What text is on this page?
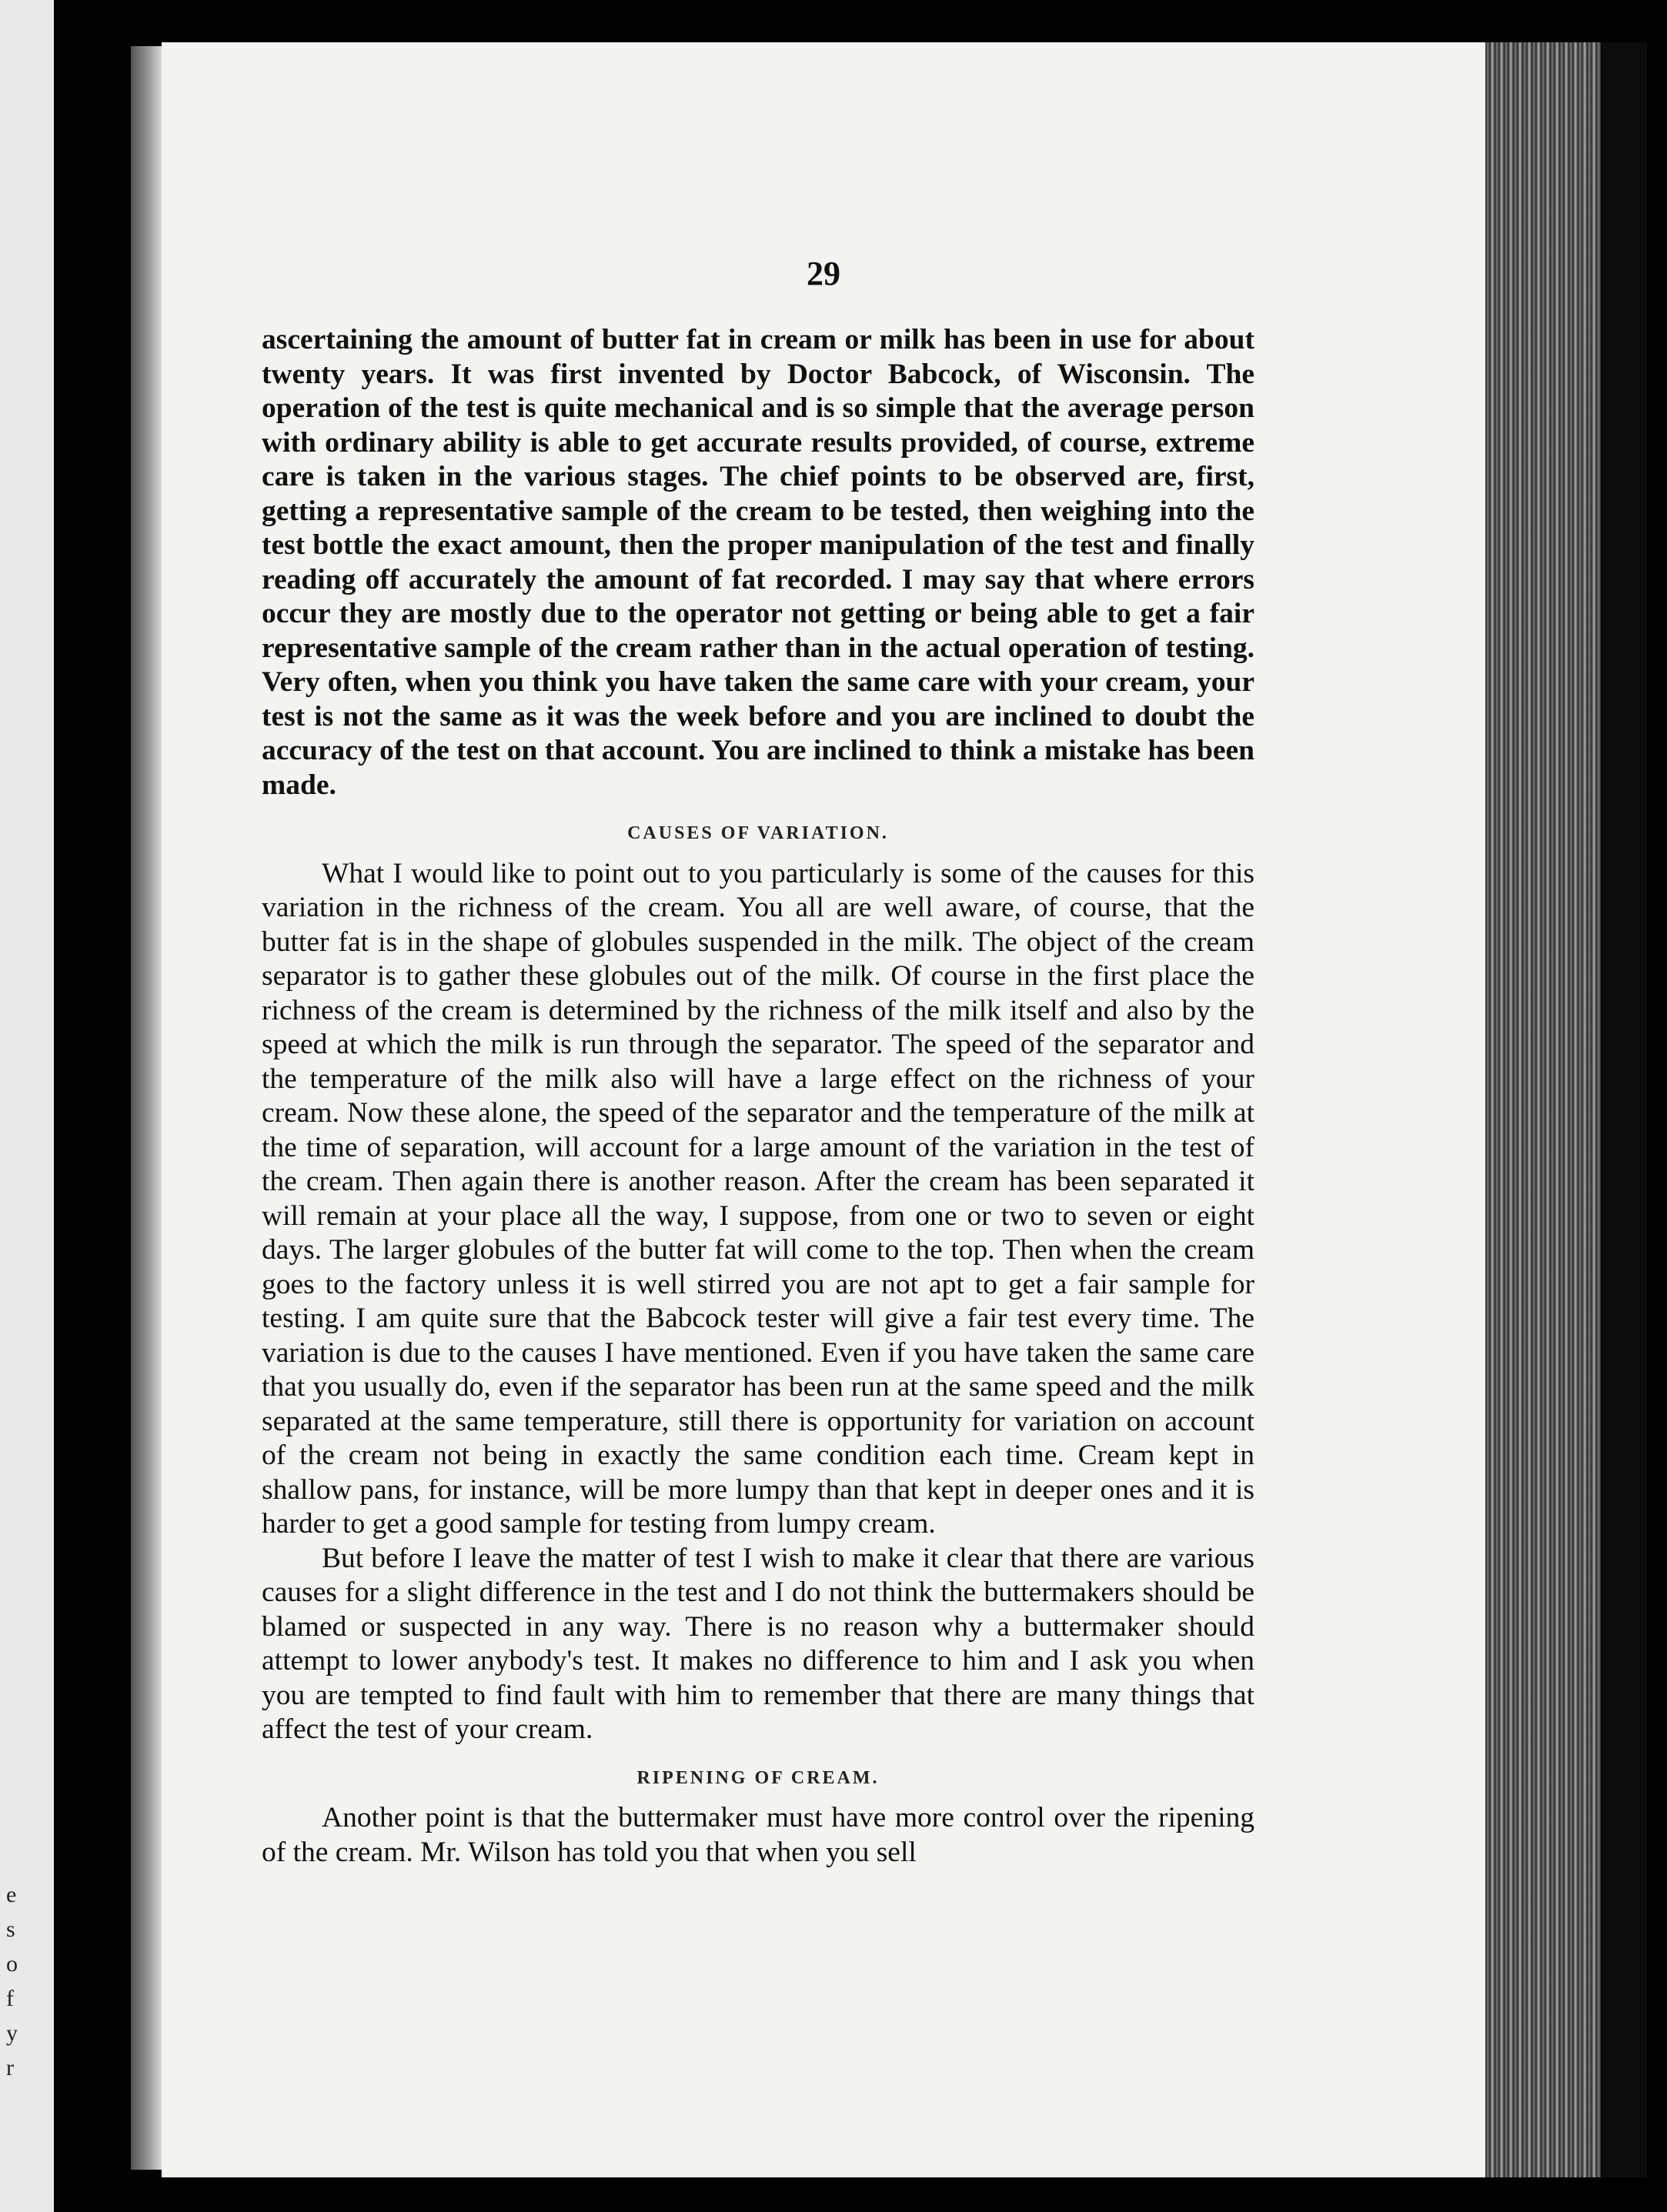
e
s
o
f
y
r
29

ascertaining the amount of butter fat in cream or milk has been in use for about twenty years. It was first invented by Doctor Babcock, of Wisconsin. The operation of the test is quite mechanical and is so simple that the average person with ordinary ability is able to get accurate results provided, of course, extreme care is taken in the various stages. The chief points to be observed are, first, getting a representative sample of the cream to be tested, then weighing into the test bottle the exact amount, then the proper manipulation of the test and finally reading off accurately the amount of fat recorded. I may say that where errors occur they are mostly due to the operator not getting or being able to get a fair representative sample of the cream rather than in the actual operation of testing. Very often, when you think you have taken the same care with your cream, your test is not the same as it was the week before and you are inclined to doubt the accuracy of the test on that account. You are inclined to think a mistake has been made.

CAUSES OF VARIATION.

What I would like to point out to you particularly is some of the causes for this variation in the richness of the cream. You all are well aware, of course, that the butter fat is in the shape of globules suspended in the milk. The object of the cream separator is to gather these globules out of the milk. Of course in the first place the richness of the cream is determined by the richness of the milk itself and also by the speed at which the milk is run through the separator. The speed of the separator and the temperature of the milk also will have a large effect on the richness of your cream. Now these alone, the speed of the separator and the temperature of the milk at the time of separation, will account for a large amount of the variation in the test of the cream. Then again there is another reason. After the cream has been separated it will remain at your place all the way, I suppose, from one or two to seven or eight days. The larger globules of the butter fat will come to the top. Then when the cream goes to the factory unless it is well stirred you are not apt to get a fair sample for testing. I am quite sure that the Babcock tester will give a fair test every time. The variation is due to the causes I have mentioned. Even if you have taken the same care that you usually do, even if the separator has been run at the same speed and the milk separated at the same temperature, still there is opportunity for variation on account of the cream not being in exactly the same condition each time. Cream kept in shallow pans, for instance, will be more lumpy than that kept in deeper ones and it is harder to get a good sample for testing from lumpy cream.

But before I leave the matter of test I wish to make it clear that there are various causes for a slight difference in the test and I do not think the buttermakers should be blamed or suspected in any way. There is no reason why a buttermaker should attempt to lower anybody's test. It makes no difference to him and I ask you when you are tempted to find fault with him to remember that there are many things that affect the test of your cream.

RIPENING OF CREAM.

Another point is that the buttermaker must have more control over the ripening of the cream. Mr. Wilson has told you that when you sell
